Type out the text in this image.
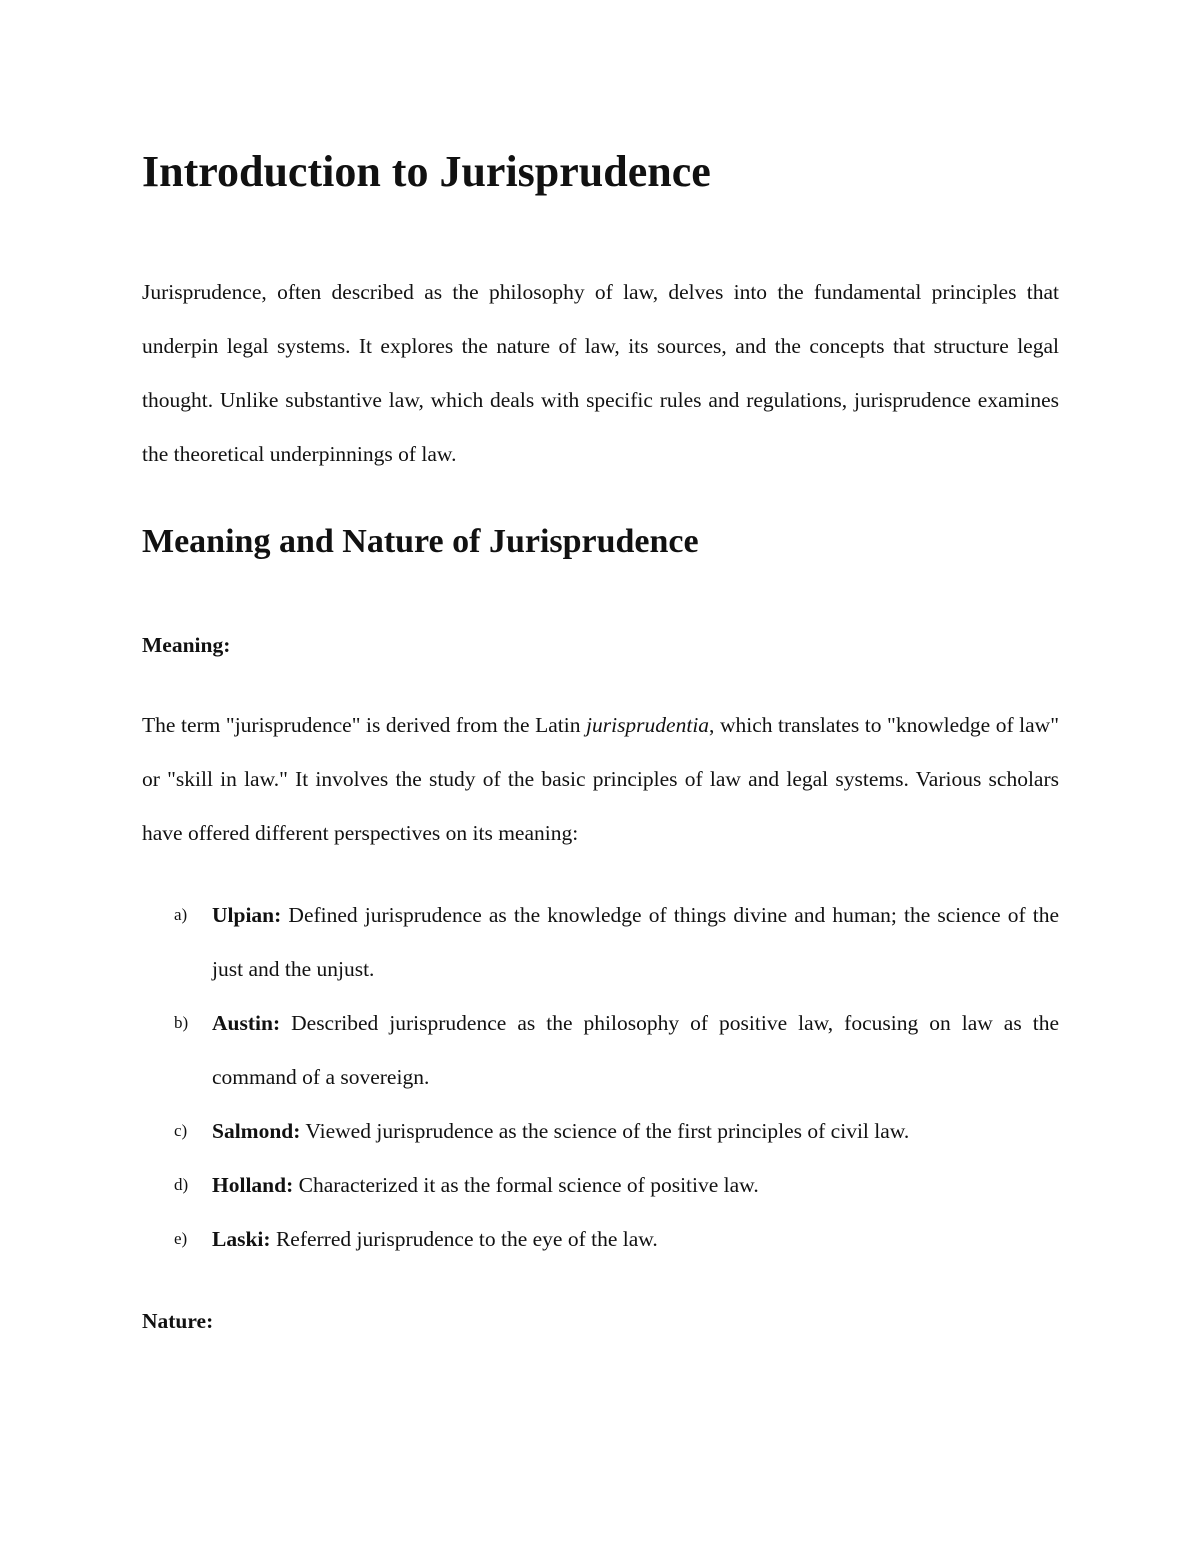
Introduction to Jurisprudence

Jurisprudence, often described as the philosophy of law, delves into the fundamental principles that underpin legal systems. It explores the nature of law, its sources, and the concepts that structure legal thought. Unlike substantive law, which deals with specific rules and regulations, jurisprudence examines the theoretical underpinnings of law.

Meaning and Nature of Jurisprudence

Meaning:

The term "jurisprudence" is derived from the Latin jurisprudentia, which translates to "knowledge of law" or "skill in law." It involves the study of the basic principles of law and legal systems. Various scholars have offered different perspectives on its meaning:

a) Ulpian: Defined jurisprudence as the knowledge of things divine and human; the science of the just and the unjust.
b) Austin: Described jurisprudence as the philosophy of positive law, focusing on law as the command of a sovereign.
c) Salmond: Viewed jurisprudence as the science of the first principles of civil law.
d) Holland: Characterized it as the formal science of positive law.
e) Laski: Referred jurisprudence to the eye of the law.

Nature:
